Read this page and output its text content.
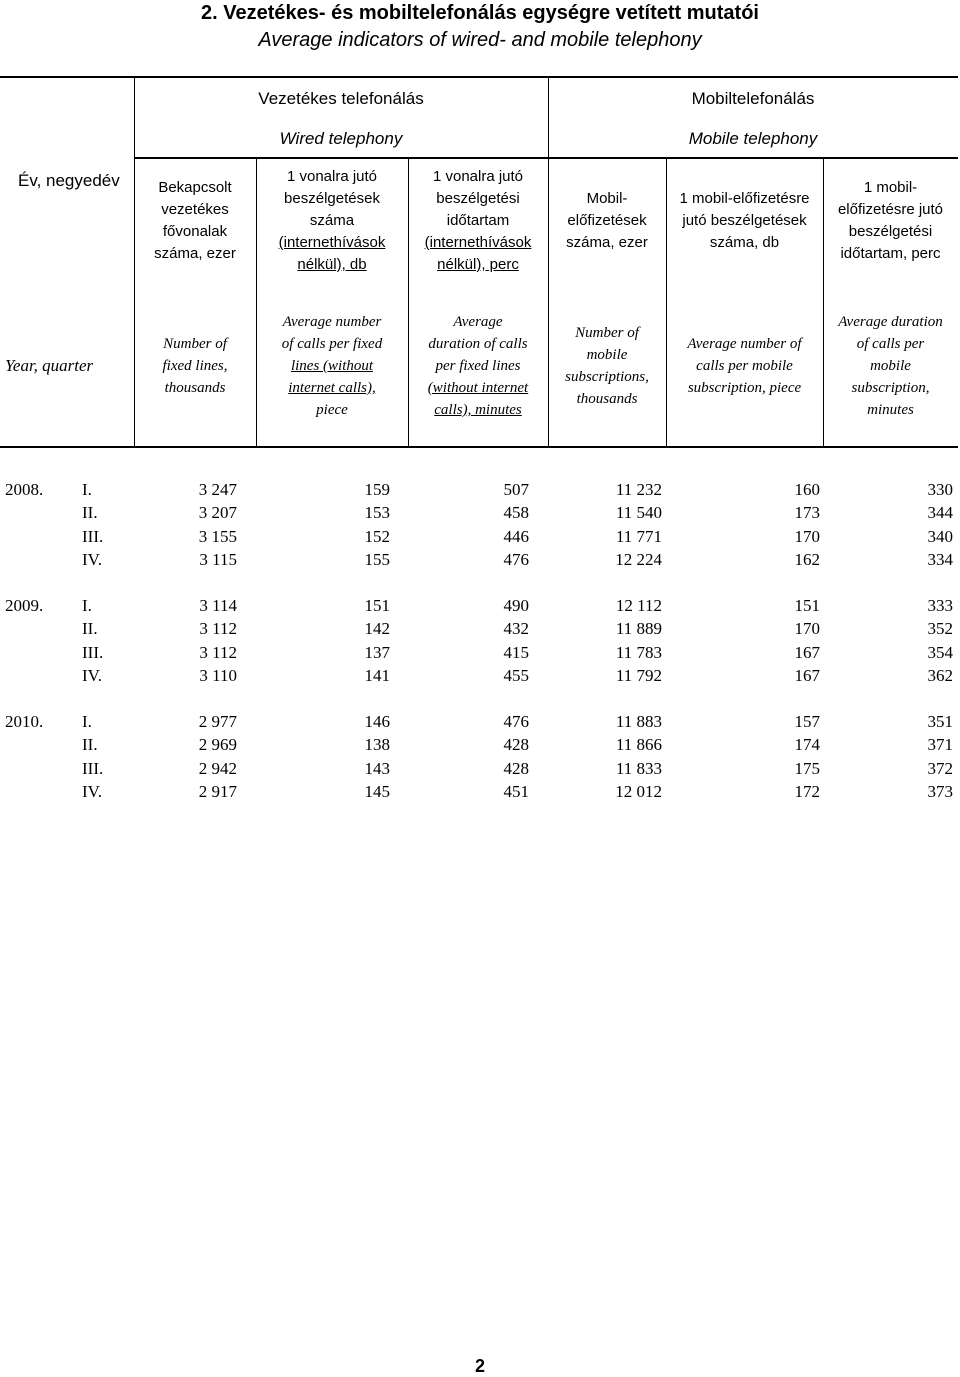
2. Vezetékes- és mobiltelefonálás egységre vetített mutatói
Average indicators of wired- and mobile telephony
Vezetékes telefonálás
Wired telephony
Mobiltelefonálás
Mobile telephony
Év, negyedév
Year, quarter
Bekapcsolt
vezetékes
fővonalak
száma, ezer
Number of
fixed lines,
thousands
1 vonalra jutó
beszélgetések
száma
(internethívások
nélkül), db
Average number
of calls per fixed
lines (without
internet calls),
piece
1 vonalra jutó
beszélgetési
időtartam
(internethívások
nélkül), perc
Average
duration of calls
per fixed lines
(without internet
calls), minutes
Mobil-
előfizetések
száma, ezer
Number of
mobile
subscriptions,
thousands
1 mobil-előfizetésre
jutó beszélgetések
száma, db
Average number of
calls per mobile
subscription, piece
1 mobil-
előfizetésre jutó
beszélgetési
időtartam, perc
Average duration
of calls per
mobile
subscription,
minutes
2008. I.	3 247	159	507	11 232	160	330
II.	3 207	153	458	11 540	173	344
III.	3 155	152	446	11 771	170	340
IV.	3 115	155	476	12 224	162	334
2009. I.	3 114	151	490	12 112	151	333
II.	3 112	142	432	11 889	170	352
III.	3 112	137	415	11 783	167	354
IV.	3 110	141	455	11 792	167	362
2010. I.	2 977	146	476	11 883	157	351
II.	2 969	138	428	11 866	174	371
III.	2 942	143	428	11 833	175	372
IV.	2 917	145	451	12 012	172	373
2
